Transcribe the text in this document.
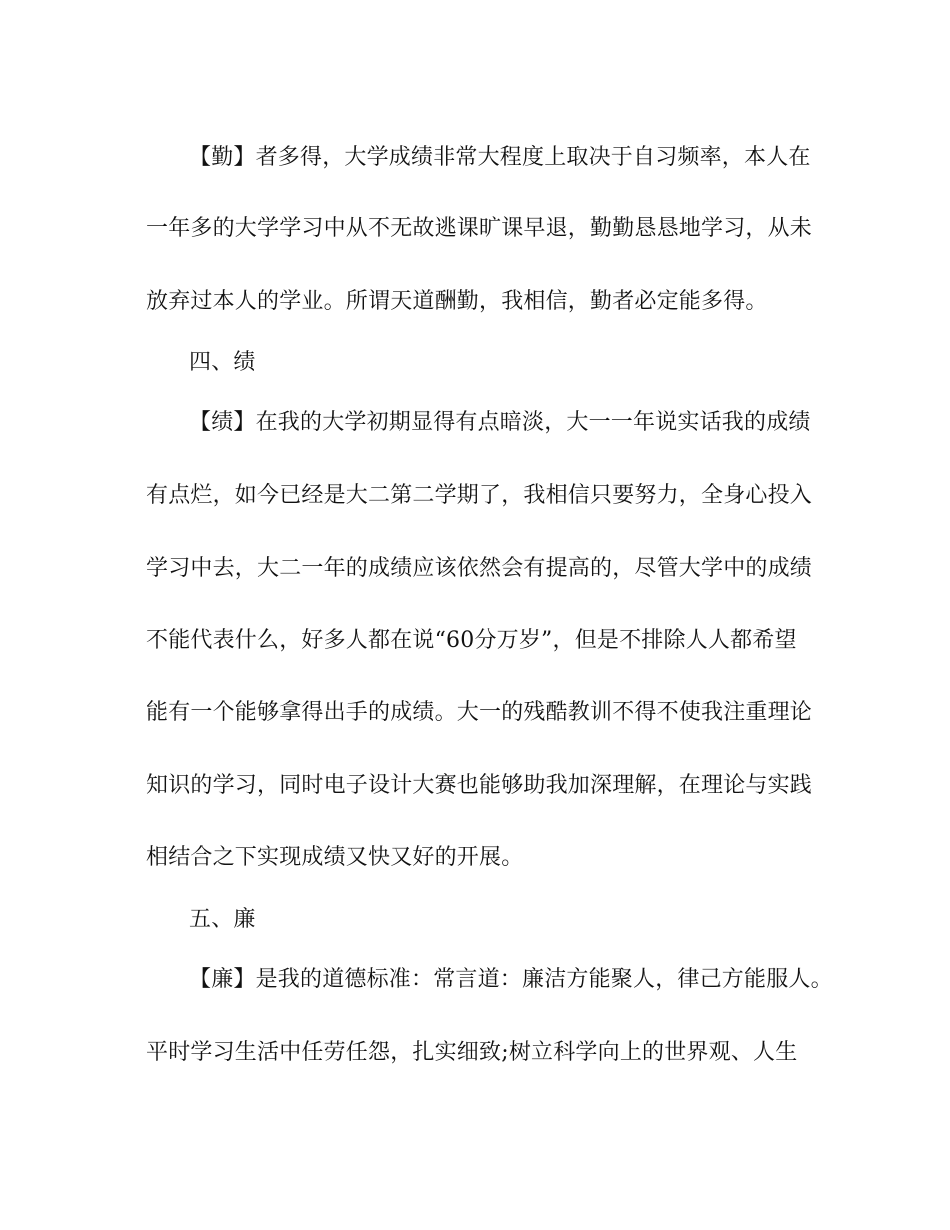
【勤】者多得，大学成绩非常大程度上取决于自习频率，本人在
一年多的大学学习中从不无故逃课旷课早退，勤勤恳恳地学习，从未
放弃过本人的学业。所谓天道酬勤，我相信，勤者必定能多得。
四、绩
【绩】在我的大学初期显得有点暗淡，大一一年说实话我的成绩
有点烂，如今已经是大二第二学期了，我相信只要努力，全身心投入
学习中去，大二一年的成绩应该依然会有提高的，尽管大学中的成绩
不能代表什么，好多人都在说“60分万岁”，但是不排除人人都希望
能有一个能够拿得出手的成绩。大一的残酷教训不得不使我注重理论
知识的学习，同时电子设计大赛也能够助我加深理解，在理论与实践
相结合之下实现成绩又快又好的开展。
五、廉
【廉】是我的道德标准：常言道：廉洁方能聚人，律己方能服人。
平时学习生活中任劳任怨，扎实细致;树立科学向上的世界观、人生
